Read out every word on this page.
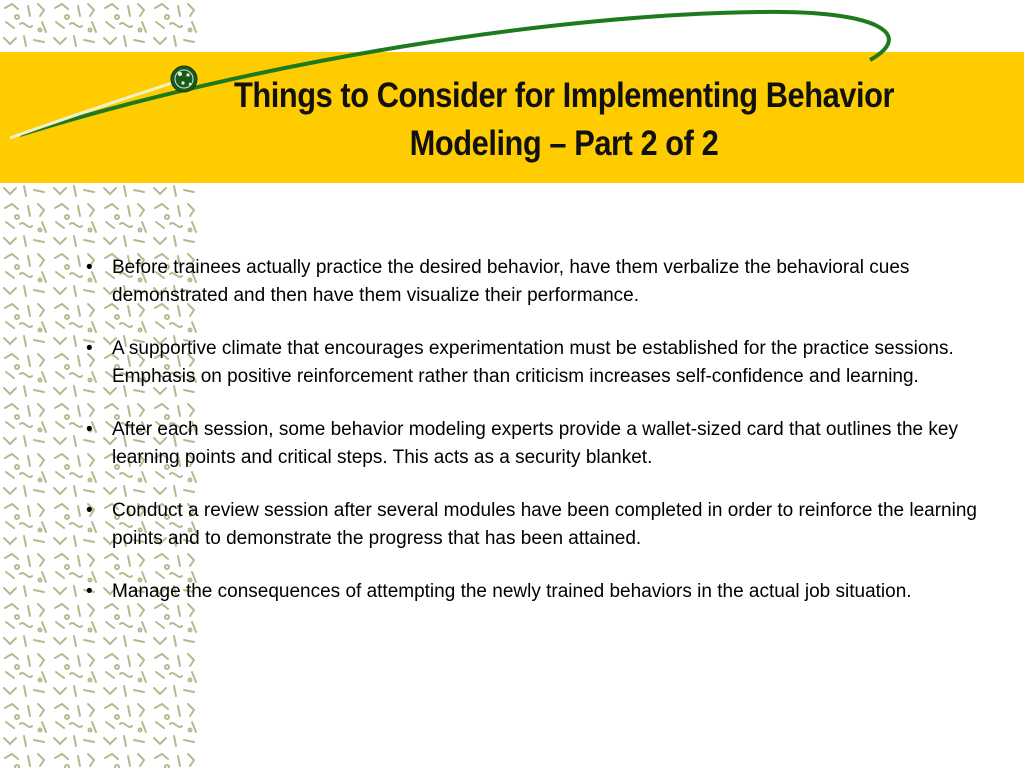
Things to Consider for Implementing Behavior
Modeling – Part 2 of 2
• Before trainees actually practice the desired behavior, have them verbalize the behavioral cues demonstrated and then have them visualize their performance.
• A supportive climate that encourages experimentation must be established for the practice sessions. Emphasis on positive reinforcement rather than criticism increases self-confidence and learning.
• After each session, some behavior modeling experts provide a wallet-sized card that outlines the key learning points and critical steps. This acts as a security blanket.
• Conduct a review session after several modules have been completed in order to reinforce the learning points and to demonstrate the progress that has been attained.
• Manage the consequences of attempting the newly trained behaviors in the actual job situation.
